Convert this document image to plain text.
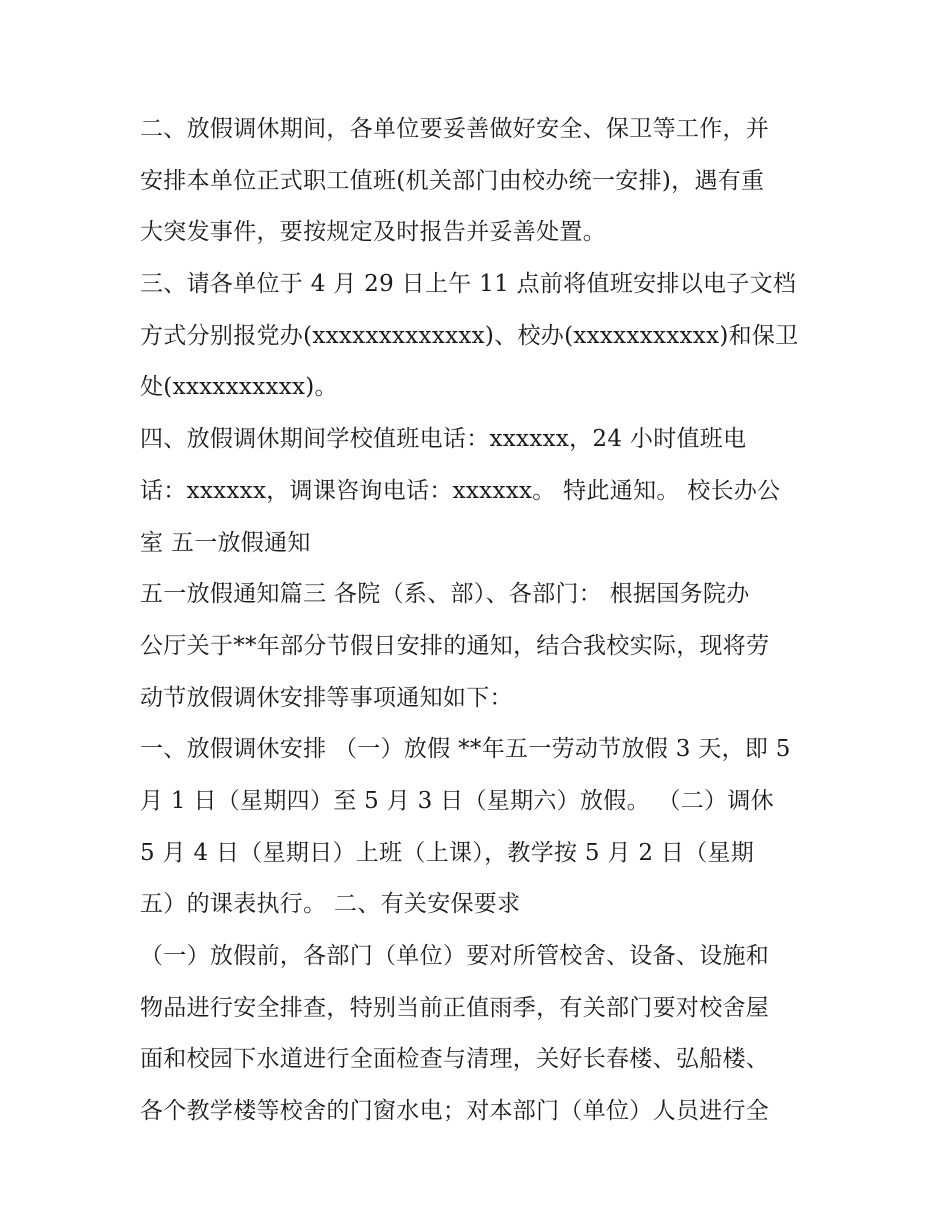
二、放假调休期间，各单位要妥善做好安全、保卫等工作，并
安排本单位正式职工值班(机关部门由校办统一安排)，遇有重
大突发事件，要按规定及时报告并妥善处置。
三、请各单位于 4 月 29 日上午 11 点前将值班安排以电子文档
方式分别报党办(xxxxxxxxxxxxx)、校办(xxxxxxxxxxx)和保卫
处(xxxxxxxxxx)。
四、放假调休期间学校值班电话：xxxxxx，24 小时值班电
话：xxxxxx，调课咨询电话：xxxxxx。 特此通知。 校长办公
室 五一放假通知
五一放假通知篇三 各院（系、部）、各部门： 根据国务院办
公厅关于**年部分节假日安排的通知，结合我校实际，现将劳
动节放假调休安排等事项通知如下：
一、放假调休安排 （一）放假 **年五一劳动节放假 3 天，即 5
月 1 日（星期四）至 5 月 3 日（星期六）放假。 （二）调休
5 月 4 日（星期日）上班（上课），教学按 5 月 2 日（星期
五）的课表执行。 二、有关安保要求
（一）放假前，各部门（单位）要对所管校舍、设备、设施和
物品进行安全排查，特别当前正值雨季，有关部门要对校舍屋
面和校园下水道进行全面检查与清理，关好长春楼、弘船楼、
各个教学楼等校舍的门窗水电；对本部门（单位）人员进行全
